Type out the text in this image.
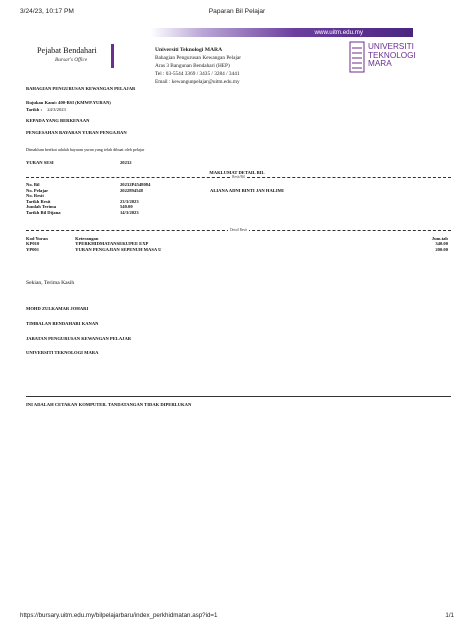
3/24/23, 10:17 PM	Paparan Bil Pelajar
www.uitm.edu.my
Pejabat Bendahari
Bursar's Office
Universiti Teknologi MARA
Bahagian Pengurusan Kewangan Pelajar
Aras 3 Bangunan Bendahari (HEP)
Tel : 03-5544 3369 / 3435 / 3284 / 3441
Email : kewangunpelajar@uitm.edu.my
UNIVERSITI
TEKNOLOGI
MARA
BAHAGIAN PENGURUSAN KEWANGAN PELAJAR
Rujukan Kami: 400-BSI (KMWP.YURAN)
Tarikh : 24/3/2023
KEPADA YANG BERKENAAN
PENGESAHAN BAYARAN YURAN PENGAJIAN
Dimaklum berikut adalah bayaran yuran yang telah dibuat oleh pelajar
YURAN SESI	20232
MAKLUMAT DETAIL BIL
Resit/Bil
No. Bil	20232P4548084
No. Pelajar	2022894548
No. Resit
Tarikh Resit	23/3/2023
Jumlah Terima	540.00
Tarikh Bil Dijana	14/3/2023
ALIANA ADNI BINTI JAN HALIMI
Detail Resit
Kod Yuran	Keterangan	Jum.tab
KP010	YPERKHIDMATANSEKUPEE EXP	340.00
YP001	YURAN PENGAJIAN SEPENUH MASA U	200.00
Sekian, Terima Kasih
MOHD ZULKAMAR JOHARI
TIMBALAN BENDAHARI KANAN
JABATAN PENGURUSAN KEWANGAN PELAJAR
UNIVERSITI TEKNOLOGI MARA
INI ADALAH CETAKAN KOMPUTER. TANDATANGAN TIDAK DIPERLUKAN
https://bursary.uitm.edu.my/bilpelajarbaru/index_perkhidmatan.asp?id=1	1/1
